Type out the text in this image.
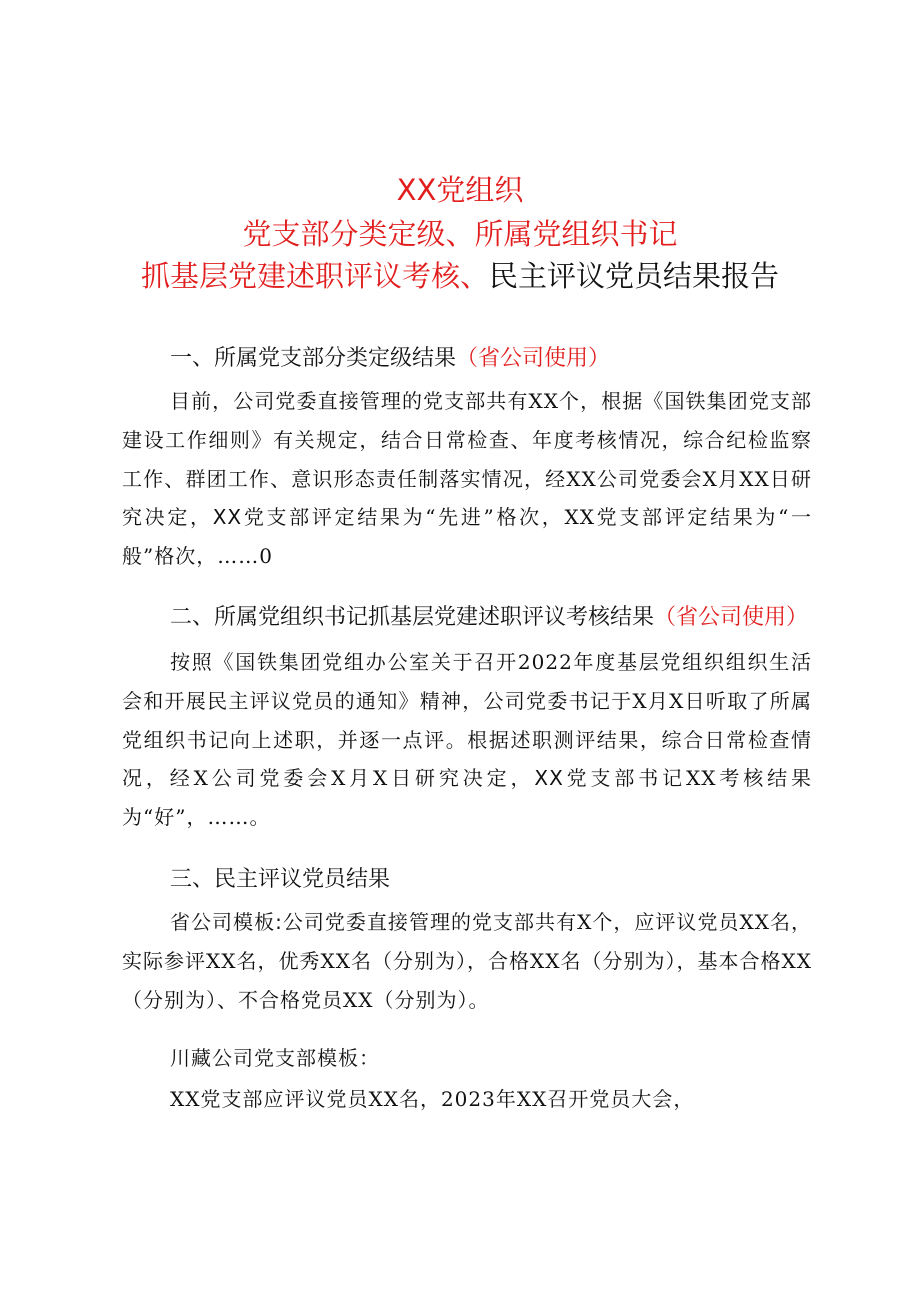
XX党组织
党支部分类定级、所属党组织书记
抓基层党建述职评议考核、民主评议党员结果报告
一、所属党支部分类定级结果（省公司使用）

目前，公司党委直接管理的党支部共有XX个，根据《国铁集团党支部建设工作细则》有关规定，结合日常检查、年度考核情况，综合纪检监察工作、群团工作、意识形态责任制落实情况，经XX公司党委会X月XX日研究决定，XX党支部评定结果为“先进”格次，XX党支部评定结果为“一般”格次，……0

二、所属党组织书记抓基层党建述职评议考核结果（省公司使用）

按照《国铁集团党组办公室关于召开2022年度基层党组织组织生活会和开展民主评议党员的通知》精神，公司党委书记于X月X日听取了所属党组织书记向上述职，并逐一点评。根据述职测评结果，综合日常检查情况，经X公司党委会X月X日研究决定，XX党支部书记XX考核结果为“好”，……。

三、民主评议党员结果

省公司模板:公司党委直接管理的党支部共有X个，应评议党员XX名，实际参评XX名，优秀XX名（分别为），合格XX名（分别为），基本合格XX（分别为）、不合格党员XX（分别为）。

川藏公司党支部模板：

XX党支部应评议党员XX名，2023年XX召开党员大会，
